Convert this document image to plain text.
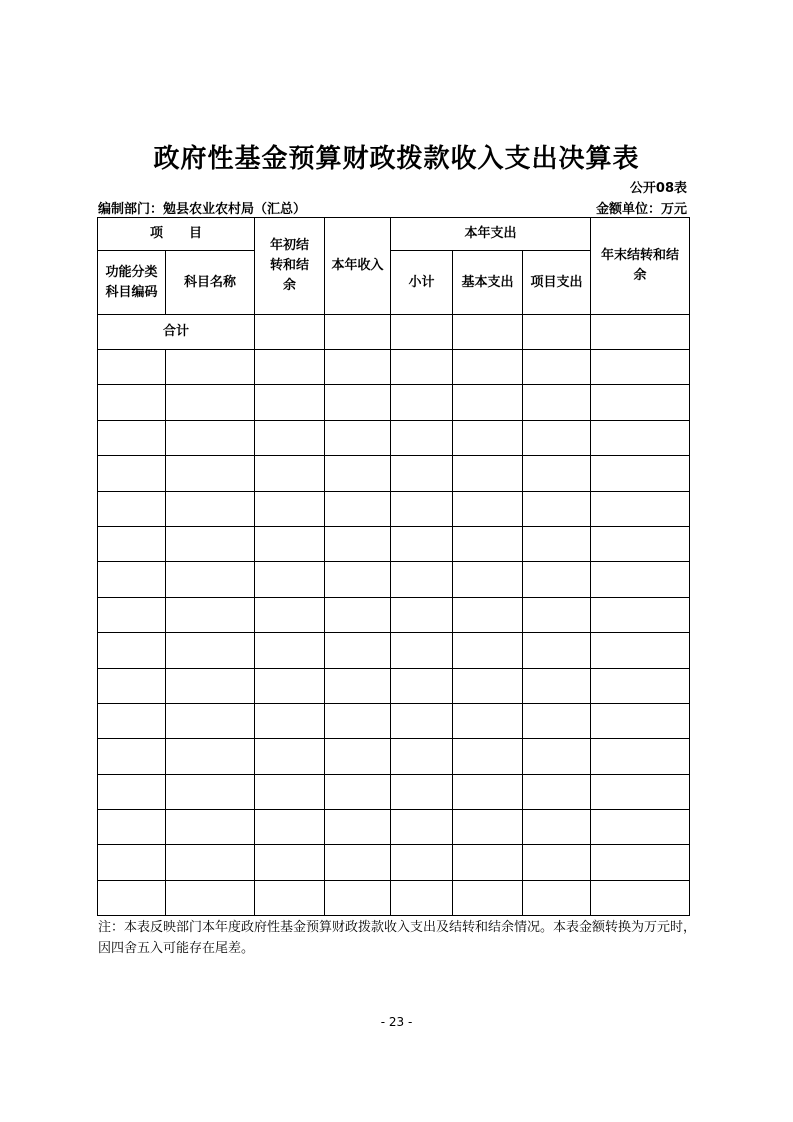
政府性基金预算财政拨款收入支出决算表
公开08表
编制部门：勉县农业农村局（汇总）	金额单位：万元
项　　目		年初结转和结余	本年收入	本年支出			年末结转和结余
功能分类科目编码	科目名称			小计	基本支出	项目支出	
合计							

注：本表反映部门本年度政府性基金预算财政拨款收入支出及结转和结余情况。本表金额转换为万元时，因四舍五入可能存在尾差。
- 23 -
